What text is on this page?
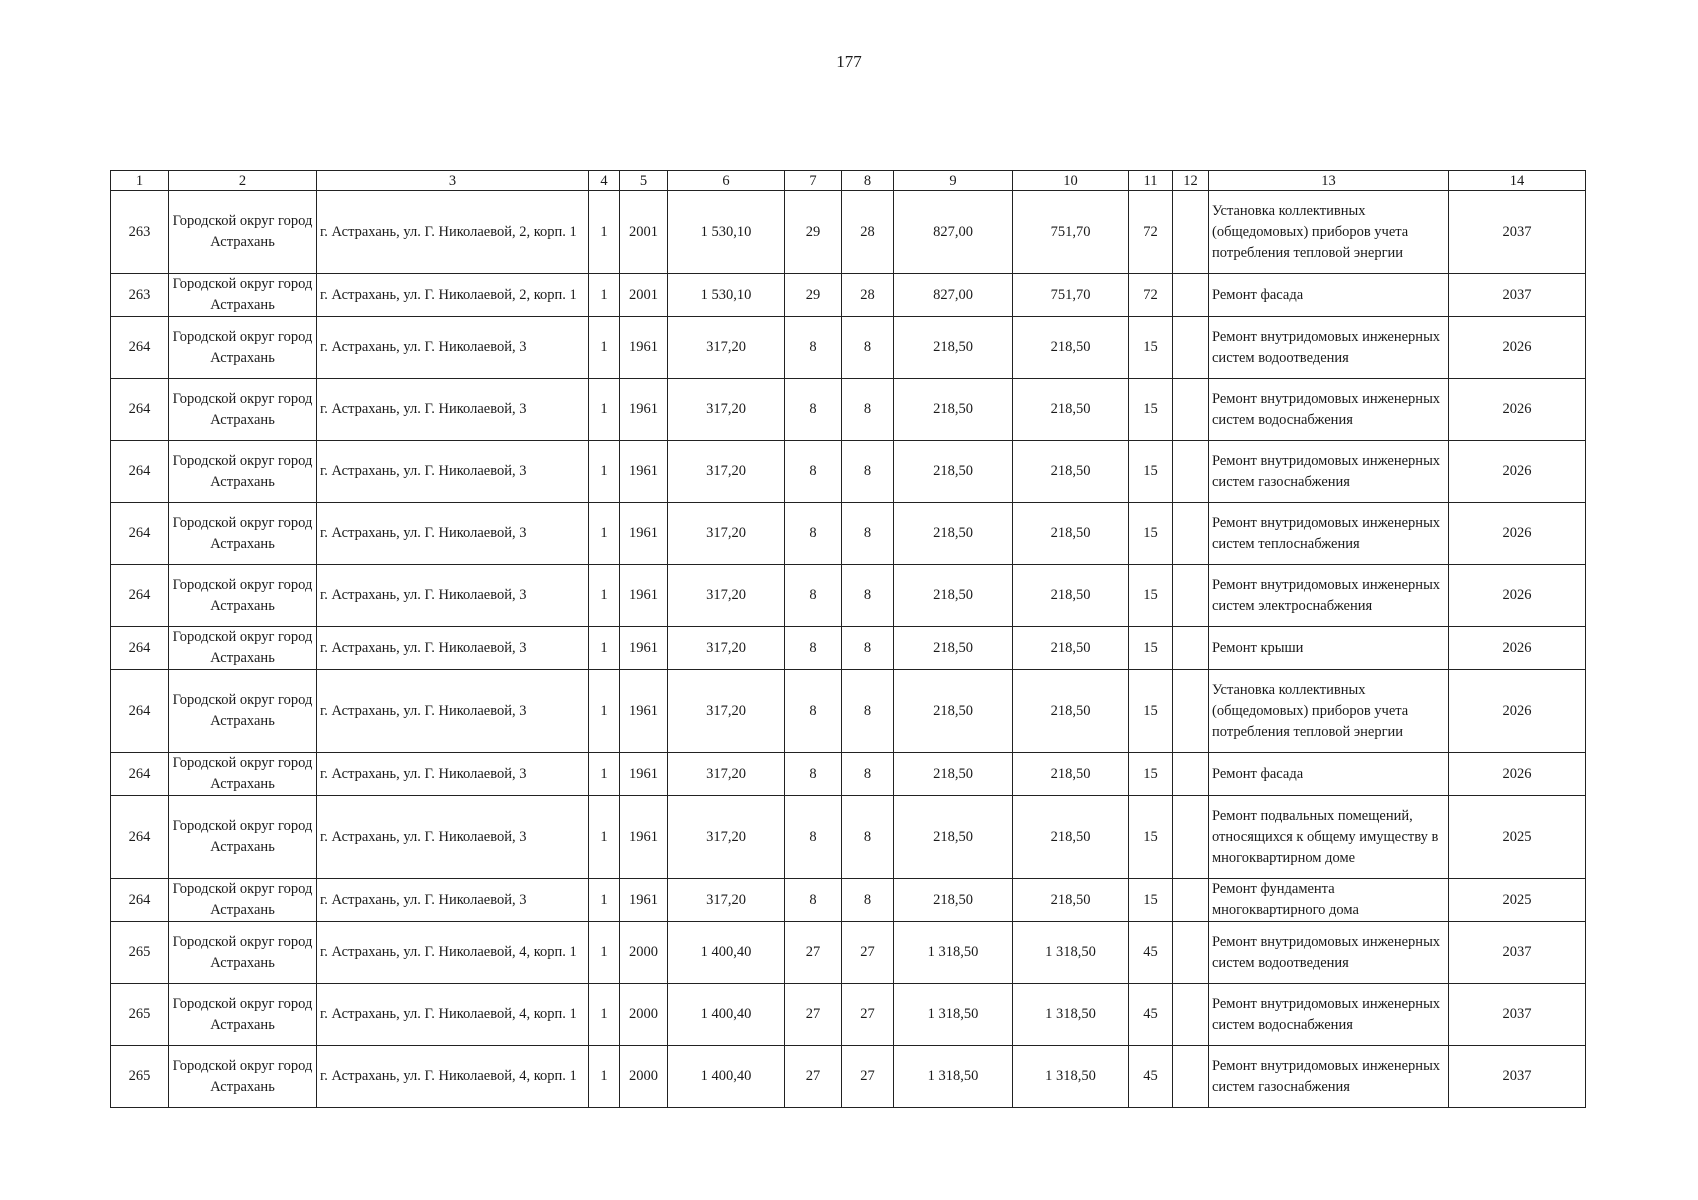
177
1	2	3	4	5	6	7	8	9	10	11	12	13	14
263	Городской округ город Астрахань	г. Астрахань, ул. Г. Николаевой, 2, корп. 1	1	2001	1 530,10	29	28	827,00	751,70	72		Установка коллективных (общедомовых) приборов учета потребления тепловой энергии	2037
263	Городской округ город Астрахань	г. Астрахань, ул. Г. Николаевой, 2, корп. 1	1	2001	1 530,10	29	28	827,00	751,70	72		Ремонт фасада	2037
264	Городской округ город Астрахань	г. Астрахань, ул. Г. Николаевой, 3	1	1961	317,20	8	8	218,50	218,50	15		Ремонт внутридомовых инженерных систем водоотведения	2026
264	Городской округ город Астрахань	г. Астрахань, ул. Г. Николаевой, 3	1	1961	317,20	8	8	218,50	218,50	15		Ремонт внутридомовых инженерных систем водоснабжения	2026
264	Городской округ город Астрахань	г. Астрахань, ул. Г. Николаевой, 3	1	1961	317,20	8	8	218,50	218,50	15		Ремонт внутридомовых инженерных систем газоснабжения	2026
264	Городской округ город Астрахань	г. Астрахань, ул. Г. Николаевой, 3	1	1961	317,20	8	8	218,50	218,50	15		Ремонт внутридомовых инженерных систем теплоснабжения	2026
264	Городской округ город Астрахань	г. Астрахань, ул. Г. Николаевой, 3	1	1961	317,20	8	8	218,50	218,50	15		Ремонт внутридомовых инженерных систем электроснабжения	2026
264	Городской округ город Астрахань	г. Астрахань, ул. Г. Николаевой, 3	1	1961	317,20	8	8	218,50	218,50	15		Ремонт крыши	2026
264	Городской округ город Астрахань	г. Астрахань, ул. Г. Николаевой, 3	1	1961	317,20	8	8	218,50	218,50	15		Установка коллективных (общедомовых) приборов учета потребления тепловой энергии	2026
264	Городской округ город Астрахань	г. Астрахань, ул. Г. Николаевой, 3	1	1961	317,20	8	8	218,50	218,50	15		Ремонт фасада	2026
264	Городской округ город Астрахань	г. Астрахань, ул. Г. Николаевой, 3	1	1961	317,20	8	8	218,50	218,50	15		Ремонт подвальных помещений, относящихся к общему имуществу в многоквартирном доме	2025
264	Городской округ город Астрахань	г. Астрахань, ул. Г. Николаевой, 3	1	1961	317,20	8	8	218,50	218,50	15		Ремонт фундамента многоквартирного дома	2025
265	Городской округ город Астрахань	г. Астрахань, ул. Г. Николаевой, 4, корп. 1	1	2000	1 400,40	27	27	1 318,50	1 318,50	45		Ремонт внутридомовых инженерных систем водоотведения	2037
265	Городской округ город Астрахань	г. Астрахань, ул. Г. Николаевой, 4, корп. 1	1	2000	1 400,40	27	27	1 318,50	1 318,50	45		Ремонт внутридомовых инженерных систем водоснабжения	2037
265	Городской округ город Астрахань	г. Астрахань, ул. Г. Николаевой, 4, корп. 1	1	2000	1 400,40	27	27	1 318,50	1 318,50	45		Ремонт внутридомовых инженерных систем газоснабжения	2037
